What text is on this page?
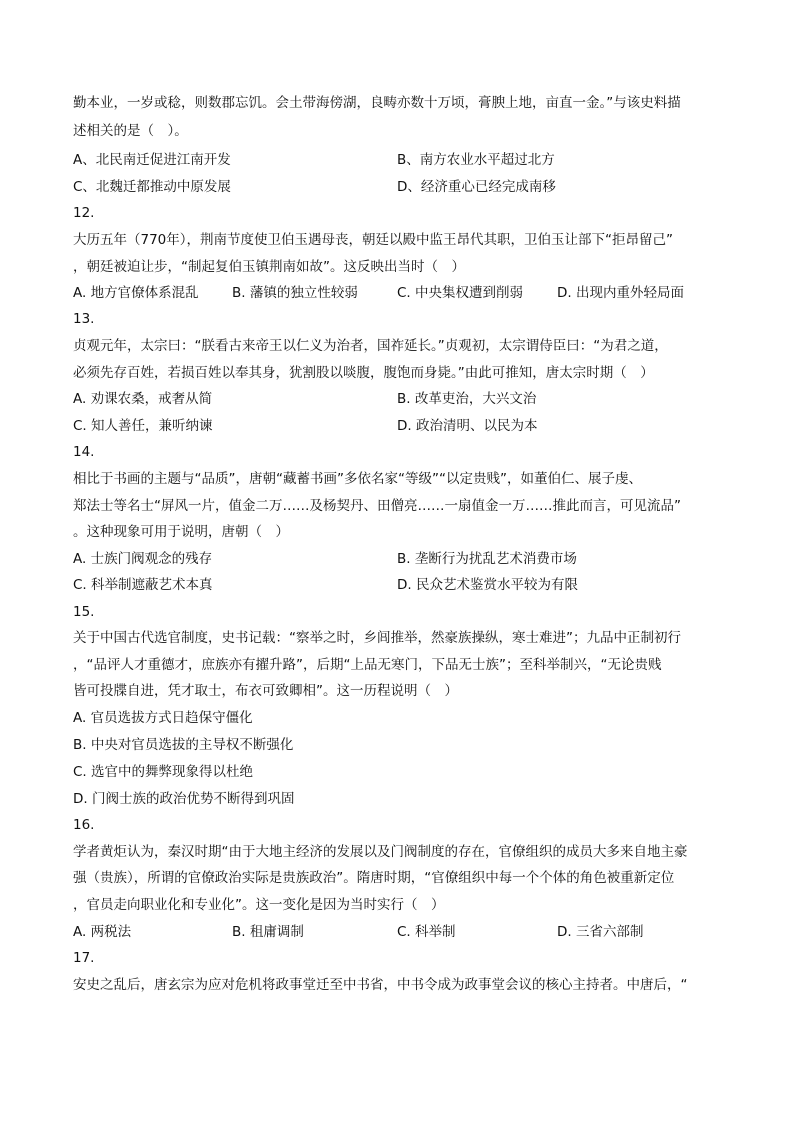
勤本业，一岁或稔，则数郡忘饥。会土带海傍湖，良畴亦数十万顷，膏腴上地，亩直一金。”与该史料描
述相关的是（　）。
A、北民南迁促进江南开发	B、南方农业水平超过北方
C、北魏迁都推动中原发展	D、经济重心已经完成南移
12.
大历五年（770年），荆南节度使卫伯玉遇母丧，朝廷以殿中监王昂代其职，卫伯玉让部下“拒昂留己”
，朝廷被迫让步，“制起复伯玉镇荆南如故”。这反映出当时（　）
A. 地方官僚体系混乱 B. 藩镇的独立性较弱	C. 中央集权遭到削弱	D. 出现内重外轻局面
13.
贞观元年，太宗曰：“朕看古来帝王以仁义为治者，国祚延长。”贞观初，太宗谓侍臣曰：“为君之道，
必须先存百姓，若损百姓以奉其身，犹割股以啖腹，腹饱而身毙。”由此可推知，唐太宗时期（　）
A. 劝课农桑，戒奢从简	B. 改革吏治，大兴文治
C. 知人善任，兼听纳谏	D. 政治清明、以民为本
14.
相比于书画的主题与“品质”，唐朝“藏蓄书画”多依名家“等级”“以定贵贱”，如董伯仁、展子虔、
郑法士等名士“屏风一片，值金二万……及杨契丹、田僧亮……一扇值金一万……推此而言，可见流品”
。这种现象可用于说明，唐朝（　）
A. 士族门阀观念的残存	B. 垄断行为扰乱艺术消费市场
C. 科举制遮蔽艺术本真	D. 民众艺术鉴赏水平较为有限
15.
关于中国古代选官制度，史书记载：“察举之时，乡闾推举，然豪族操纵，寒士难进”；九品中正制初行
，“品评人才重德才，庶族亦有擢升路”，后期“上品无寒门，下品无士族”；至科举制兴，“无论贵贱
皆可投牒自进，凭才取士，布衣可致卿相”。这一历程说明（　）
A. 官员选拔方式日趋保守僵化
B. 中央对官员选拔的主导权不断强化
C. 选官中的舞弊现象得以杜绝
D. 门阀士族的政治优势不断得到巩固
16.
学者黄炬认为，秦汉时期“由于大地主经济的发展以及门阀制度的存在，官僚组织的成员大多来自地主豪
强（贵族），所谓的官僚政治实际是贵族政治”。隋唐时期，“官僚组织中每一个个体的角色被重新定位
，官员走向职业化和专业化”。这一变化是因为当时实行（　）
A. 两税法	B. 租庸调制	C. 科举制	D. 三省六部制
17.
安史之乱后，唐玄宗为应对危机将政事堂迁至中书省，中书令成为政事堂会议的核心主持者。中唐后，“
